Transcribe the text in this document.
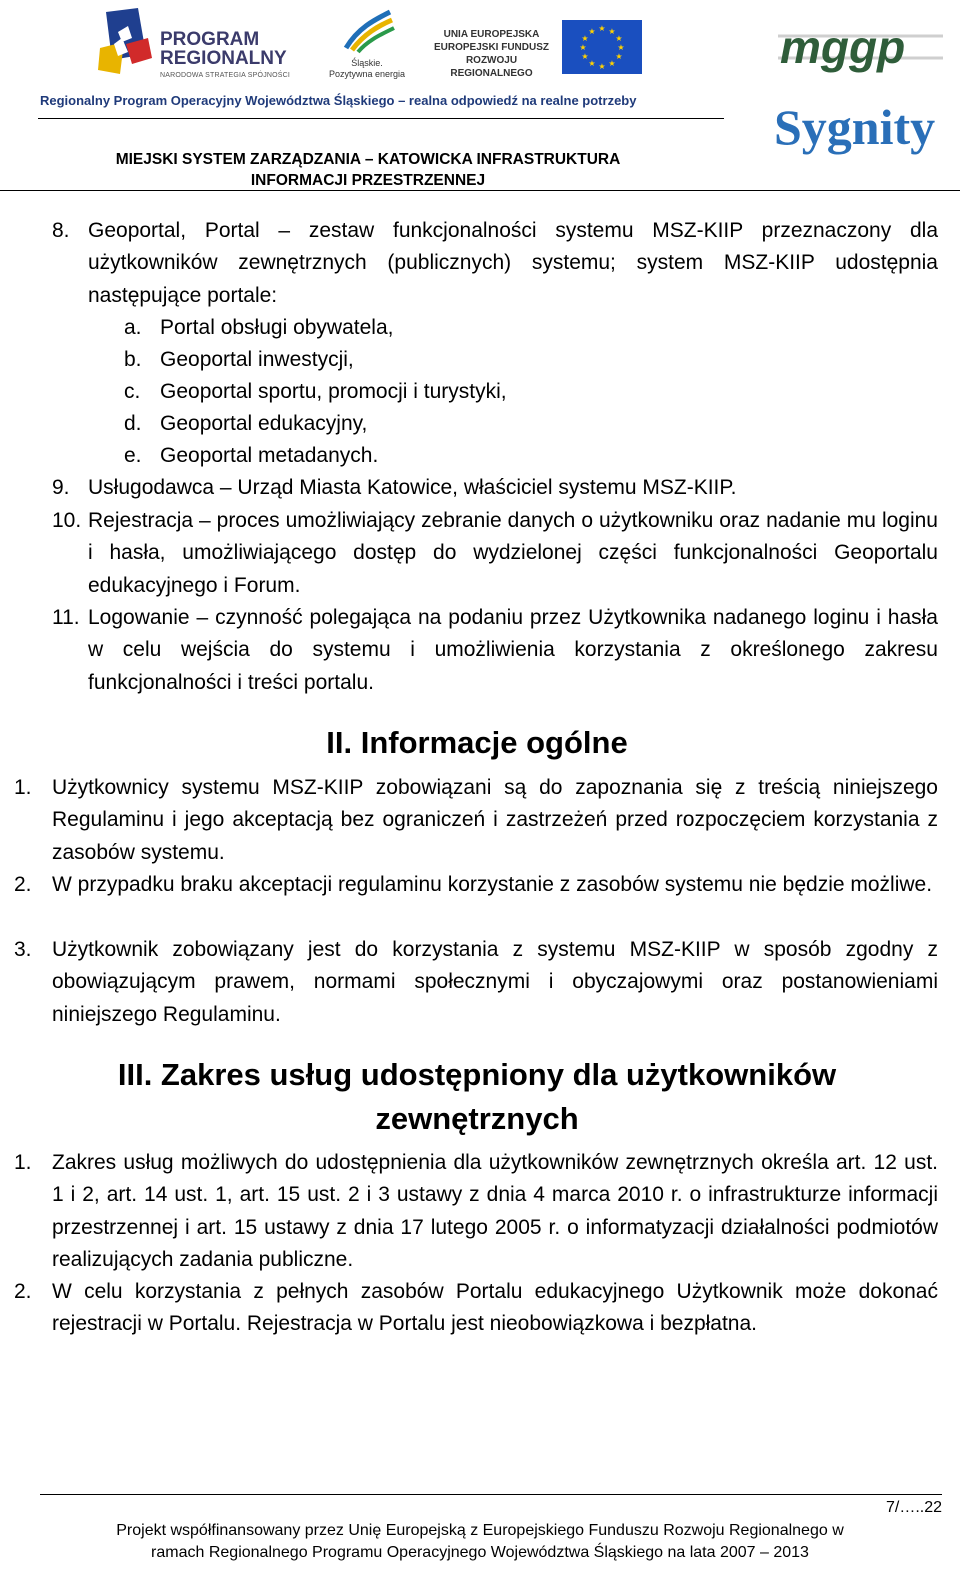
PROGRAM
REGIONALNY
NARODOWA STRATEGIA SPÓJNOŚCI
Śląskie.
Pozytywna energia
UNIA EUROPEJSKA
EUROPEJSKI FUNDUSZ
ROZWOJU REGIONALNEGO
★ ★
★
★
★
★
★
★
★
★
★
★	mggp
Sygnity
Regionalny Program Operacyjny Województwa Śląskiego – realna odpowiedź na realne potrzeby
MIEJSKI SYSTEM ZARZĄDZANIA – KATOWICKA INFRASTRUKTURA
INFORMACJI PRZESTRZENNEJ
8. Geoportal, Portal – zestaw funkcjonalności systemu MSZ-KIIP przeznaczony dla użytkowników zewnętrznych (publicznych) systemu; system MSZ-KIIP udostępnia następujące portale:
a. Portal obsługi obywatela,
b. Geoportal inwestycji,
c. Geoportal sportu, promocji i turystyki,
d. Geoportal edukacyjny,
e. Geoportal metadanych.
9. Usługodawca – Urząd Miasta Katowice, właściciel systemu MSZ-KIIP.
10. Rejestracja – proces umożliwiający zebranie danych o użytkowniku oraz nadanie mu loginu i hasła, umożliwiającego dostęp do wydzielonej części funkcjonalności Geoportalu edukacyjnego i Forum.
11. Logowanie – czynność polegająca na podaniu przez Użytkownika nadanego loginu i hasła w celu wejścia do systemu i umożliwienia korzystania z określonego zakresu funkcjonalności i treści portalu.
II. Informacje ogólne
1. Użytkownicy systemu MSZ-KIIP zobowiązani są do zapoznania się z treścią niniejszego Regulaminu i jego akceptacją bez ograniczeń i zastrzeżeń przed rozpoczęciem korzystania z zasobów systemu.
2. W przypadku braku akceptacji regulaminu korzystanie z zasobów systemu nie będzie możliwe.
3. Użytkownik zobowiązany jest do korzystania z systemu MSZ-KIIP w sposób zgodny z obowiązującym prawem, normami społecznymi i obyczajowymi oraz postanowieniami niniejszego Regulaminu.
III. Zakres usług udostępniony dla użytkowników
zewnętrznych
1. Zakres usług możliwych do udostępnienia dla użytkowników zewnętrznych określa art. 12 ust. 1 i 2, art. 14 ust. 1, art. 15 ust. 2 i 3 ustawy z dnia 4 marca 2010 r. o infrastrukturze informacji przestrzennej i art. 15 ustawy z dnia 17 lutego 2005 r. o informatyzacji działalności podmiotów realizujących zadania publiczne.
2. W celu korzystania z pełnych zasobów Portalu edukacyjnego Użytkownik może dokonać rejestracji w Portalu. Rejestracja w Portalu jest nieobowiązkowa i bezpłatna.
7/…..22
Projekt współfinansowany przez Unię Europejską z Europejskiego Funduszu Rozwoju Regionalnego w
ramach Regionalnego Programu Operacyjnego Województwa Śląskiego na lata 2007 – 2013
